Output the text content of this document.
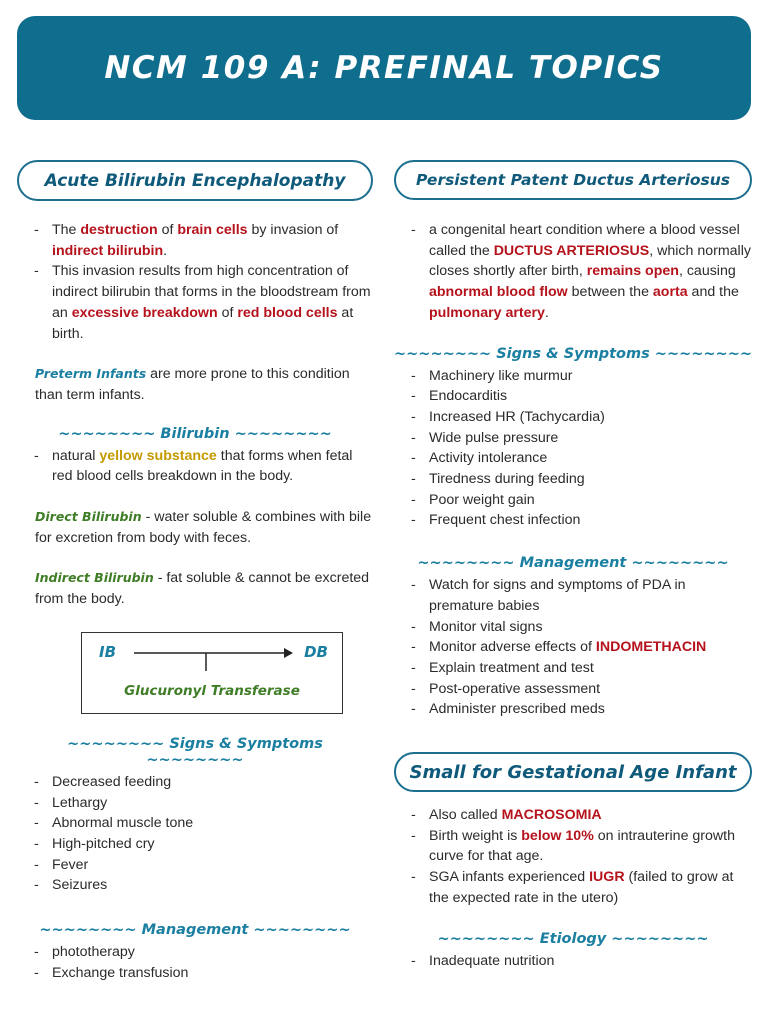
NCM 109 A: PREFINAL TOPICS
Acute Bilirubin Encephalopathy
- The destruction of brain cells by invasion of indirect bilirubin.
- This invasion results from high concentration of indirect bilirubin that forms in the bloodstream from an excessive breakdown of red blood cells at birth.

Preterm Infants are more prone to this condition than term infants.

~~~~~~~~ Bilirubin ~~~~~~~~
- natural yellow substance that forms when fetal red blood cells breakdown in the body.

Direct Bilirubin - water soluble & combines with bile for excretion from body with feces.

Indirect Bilirubin - fat soluble & cannot be excreted from the body.

IB	DB
Glucuronyl Transferase
~~~~~~~~ Signs & Symptoms ~~~~~~~~
- Decreased feeding
- Lethargy
- Abnormal muscle tone
- High-pitched cry
- Fever
- Seizures
~~~~~~~~ Management ~~~~~~~~
- phototherapy
- Exchange transfusion
Persistent Patent Ductus Arteriosus
- a congenital heart condition where a blood vessel called the DUCTUS ARTERIOSUS, which normally closes shortly after birth, remains open, causing abnormal blood flow between the aorta and the pulmonary artery.
~~~~~~~~ Signs & Symptoms ~~~~~~~~
- Machinery like murmur
- Endocarditis
- Increased HR (Tachycardia)
- Wide pulse pressure
- Activity intolerance
- Tiredness during feeding
- Poor weight gain
- Frequent chest infection
~~~~~~~~ Management ~~~~~~~~
- Watch for signs and symptoms of PDA in premature babies
- Monitor vital signs
- Monitor adverse effects of INDOMETHACIN
- Explain treatment and test
- Post-operative assessment
- Administer prescribed meds
Small for Gestational Age Infant
- Also called MACROSOMIA
- Birth weight is below 10% on intrauterine growth curve for that age.
- SGA infants experienced IUGR (failed to grow at the expected rate in the utero)
~~~~~~~~ Etiology ~~~~~~~~
- Inadequate nutrition
